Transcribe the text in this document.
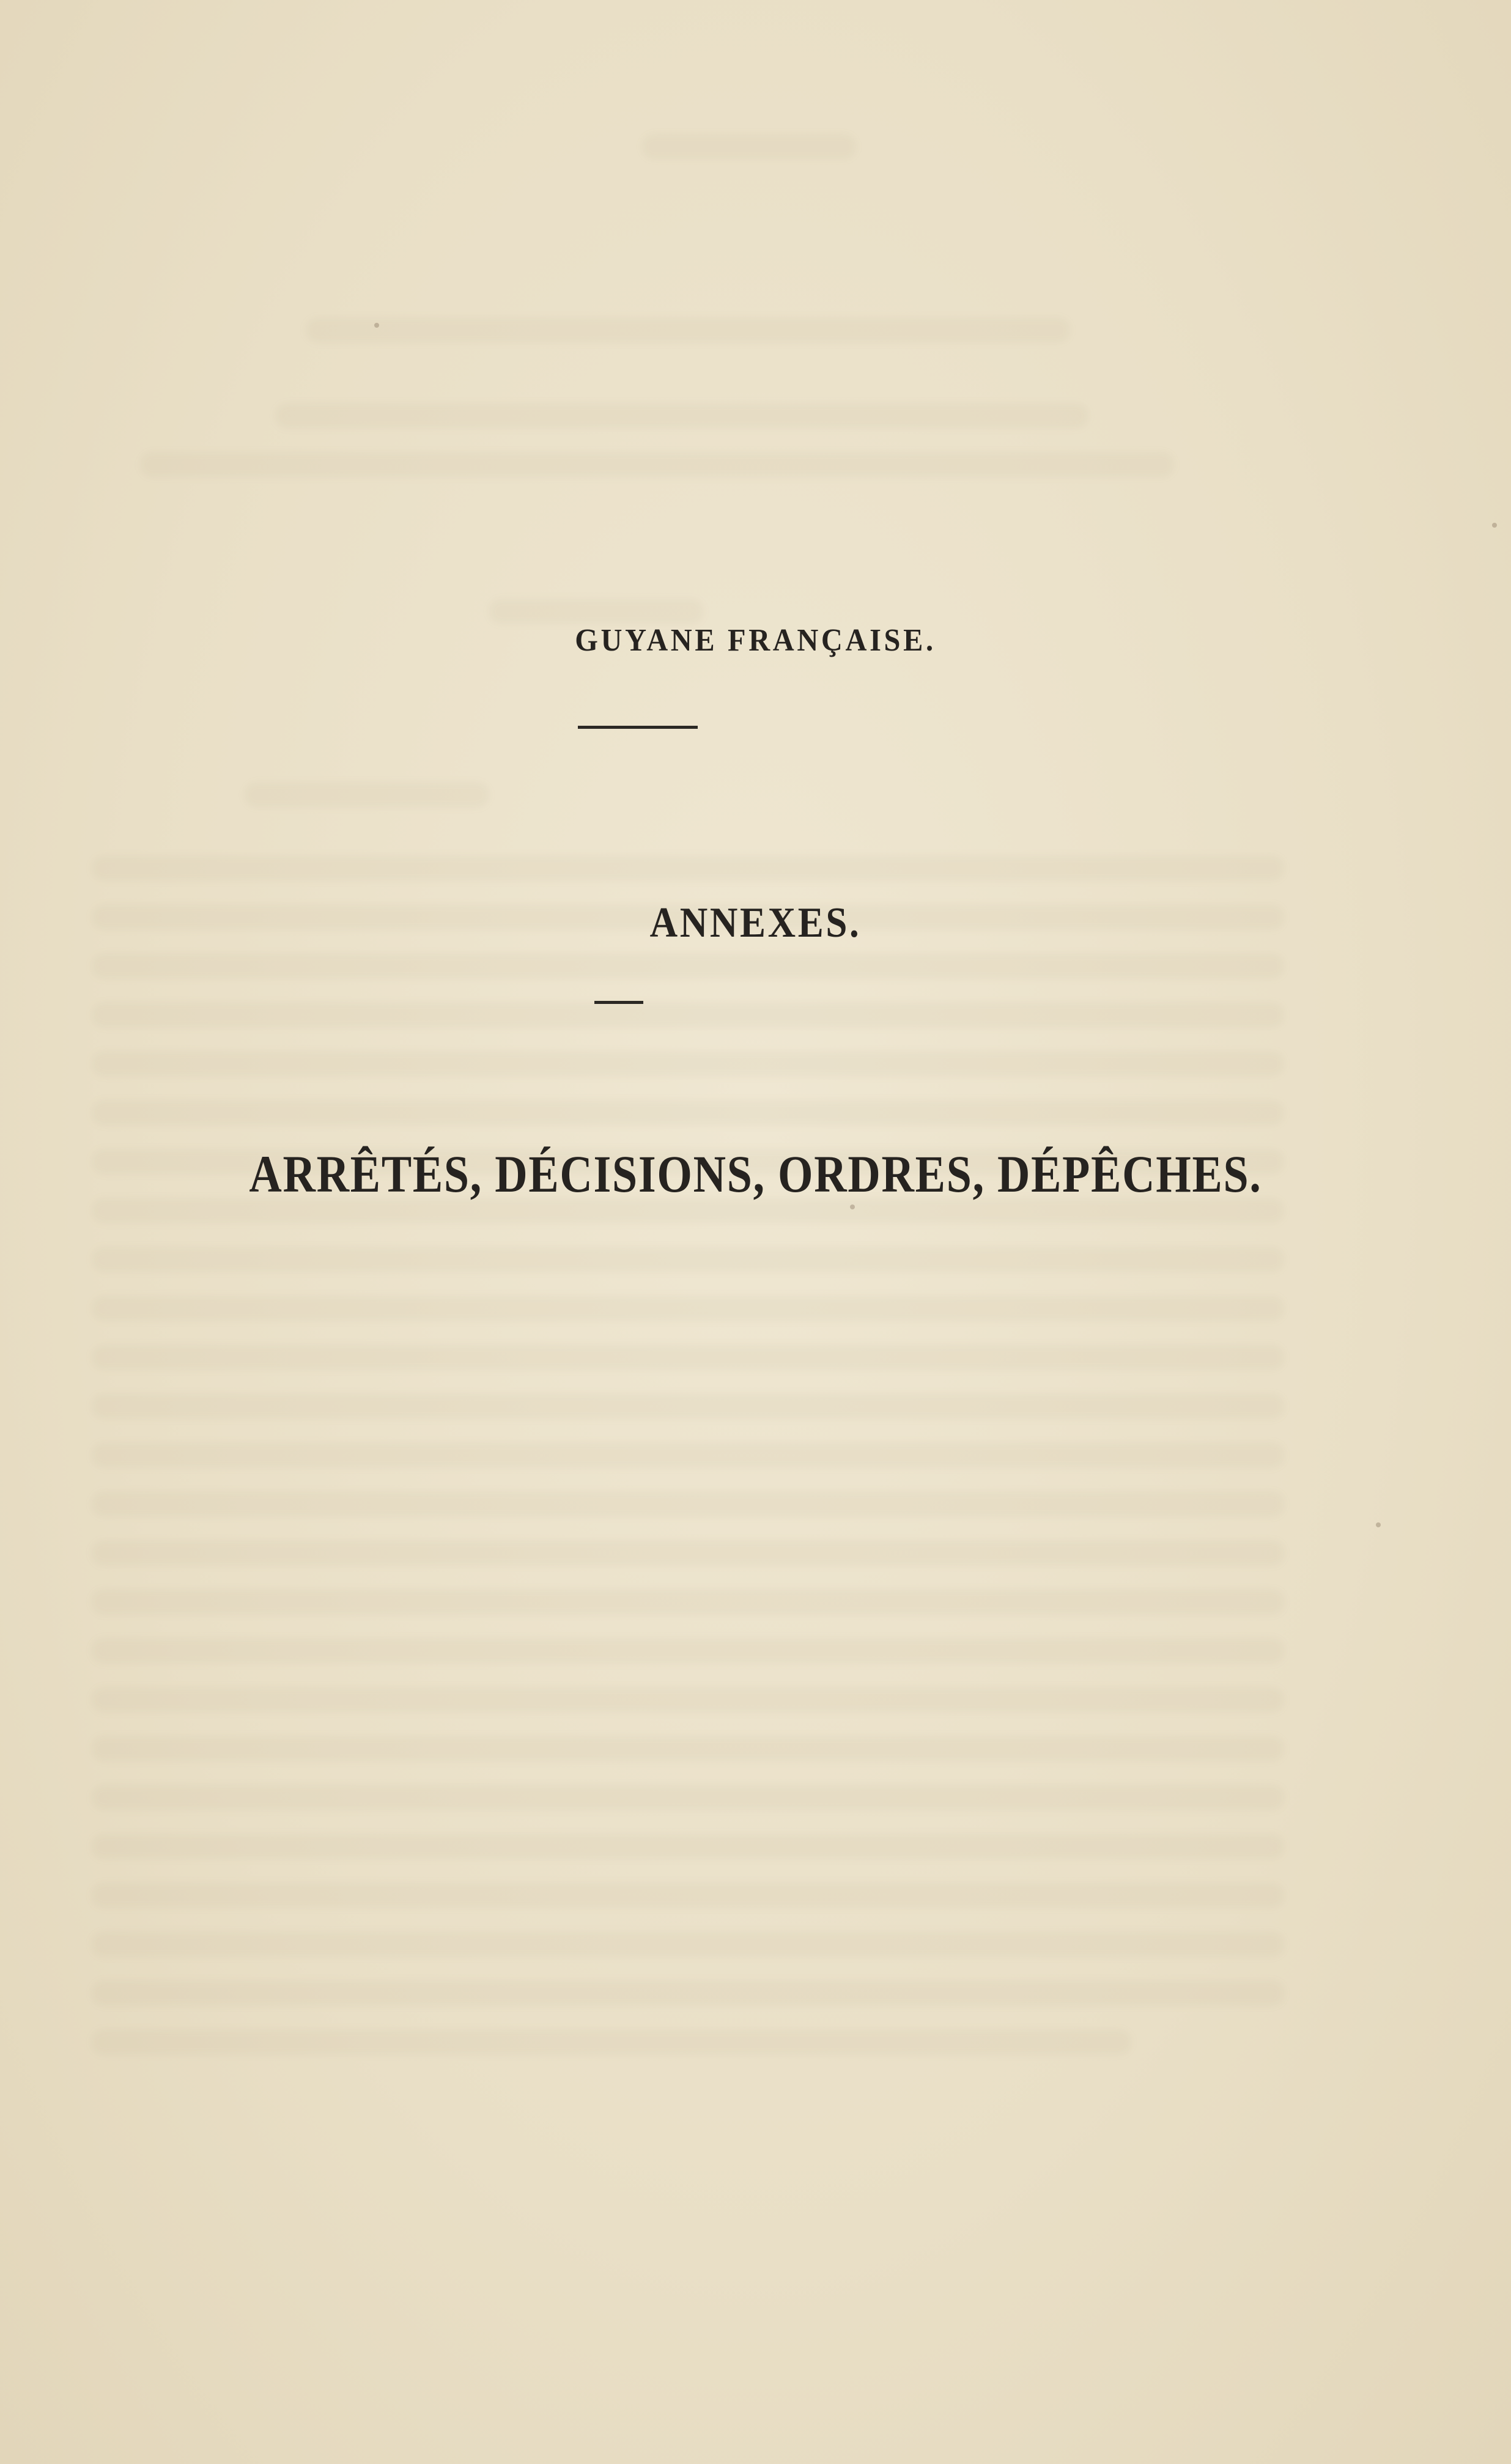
GUYANE FRANÇAISE.
ANNEXES.
ARRÊTÉS, DÉCISIONS, ORDRES, DÉPÊCHES.
